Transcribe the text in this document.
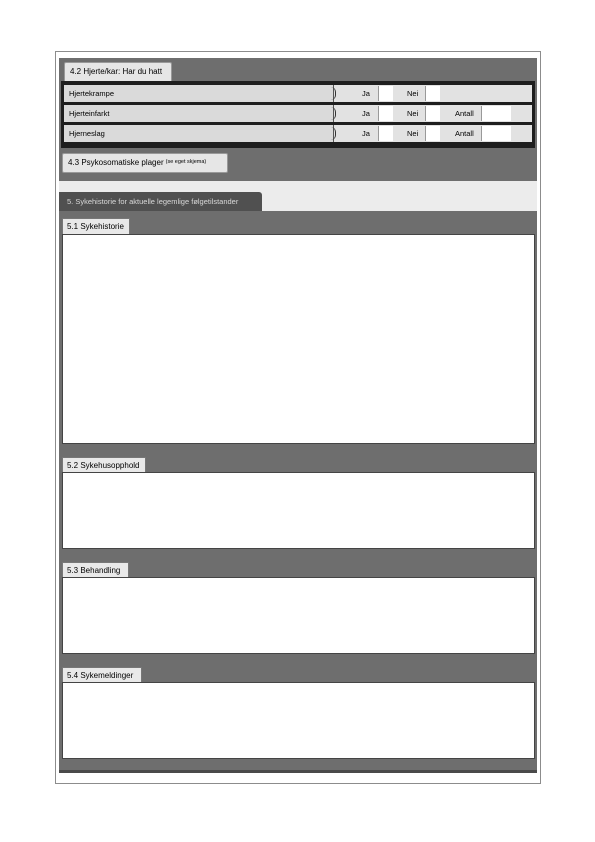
4.2 Hjerte/kar: Har du hatt
Hjertekrampe	Ja	Nei
Hjerteinfarkt	Ja	Nei	Antall
Hjerneslag	Ja	Nei	Antall
4.3 Psykosomatiske plager (se eget skjema)
5. Sykehistorie for aktuelle legemlige følgetilstander
5.1 Sykehistorie
5.2 Sykehusopphold
5.3 Behandling
5.4 Sykemeldinger
